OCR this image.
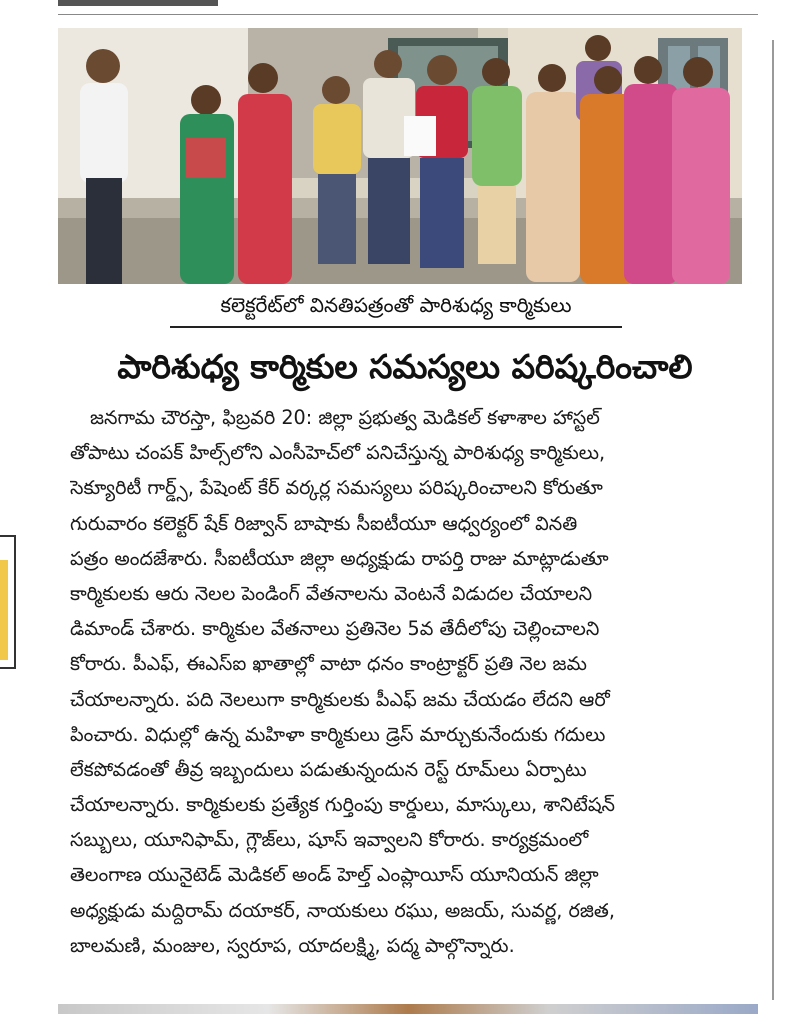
కలెక్టరేట్‌లో వినతిపత్రంతో పారిశుధ్య కార్మికులు
పారిశుధ్య కార్మికుల సమస్యలు పరిష్కరించాలి
జనగామ చౌరస్తా, ఫిబ్రవరి 20: జిల్లా ప్రభుత్వ మెడికల్ కళాశాల హాస్టల్
తోపాటు చంపక్ హిల్స్‌లోని ఎంసీహెచ్‌లో పనిచేస్తున్న పారిశుధ్య కార్మికులు,
సెక్యూరిటీ గార్డ్స్, పేషెంట్ కేర్ వర్కర్ల సమస్యలు పరిష్కరించాలని కోరుతూ
గురువారం కలెక్టర్ షేక్ రిజ్వాన్ బాషాకు సీఐటీయూ ఆధ్వర్యంలో వినతి
పత్రం అందజేశారు. సీఐటీయూ జిల్లా అధ్యక్షుడు రాపర్తి రాజు మాట్లాడుతూ
కార్మికులకు ఆరు నెలల పెండింగ్ వేతనాలను వెంటనే విడుదల చేయాలని
డిమాండ్ చేశారు. కార్మికుల వేతనాలు ప్రతినెల 5వ తేదీలోపు చెల్లించాలని
కోరారు. పీఎఫ్, ఈఎస్ఐ ఖాతాల్లో వాటా ధనం కాంట్రాక్టర్ ప్రతి నెల జమ
చేయాలన్నారు. పది నెలలుగా కార్మికులకు పీఎఫ్ జమ చేయడం లేదని ఆరో
పించారు. విధుల్లో ఉన్న మహిళా కార్మికులు డ్రెస్ మార్చుకునేందుకు గదులు
లేకపోవడంతో తీవ్ర ఇబ్బందులు పడుతున్నందున రెస్ట్ రూమ్‌లు ఏర్పాటు
చేయాలన్నారు. కార్మికులకు ప్రత్యేక గుర్తింపు కార్డులు, మాస్కులు, శానిటేషన్
సబ్బులు, యూనిఫామ్, గ్లౌజ్‌లు, షూస్ ఇవ్వాలని కోరారు. కార్యక్రమంలో
తెలంగాణ యునైటెడ్ మెడికల్ అండ్ హెల్త్ ఎంప్లాయీస్ యూనియన్ జిల్లా
అధ్యక్షుడు మద్దిరామ్ దయాకర్, నాయకులు రఘు, అజయ్, సువర్ణ, రజిత,
బాలమణి, మంజుల, స్వరూప, యాదలక్ష్మి, పద్మ పాల్గొన్నారు.
